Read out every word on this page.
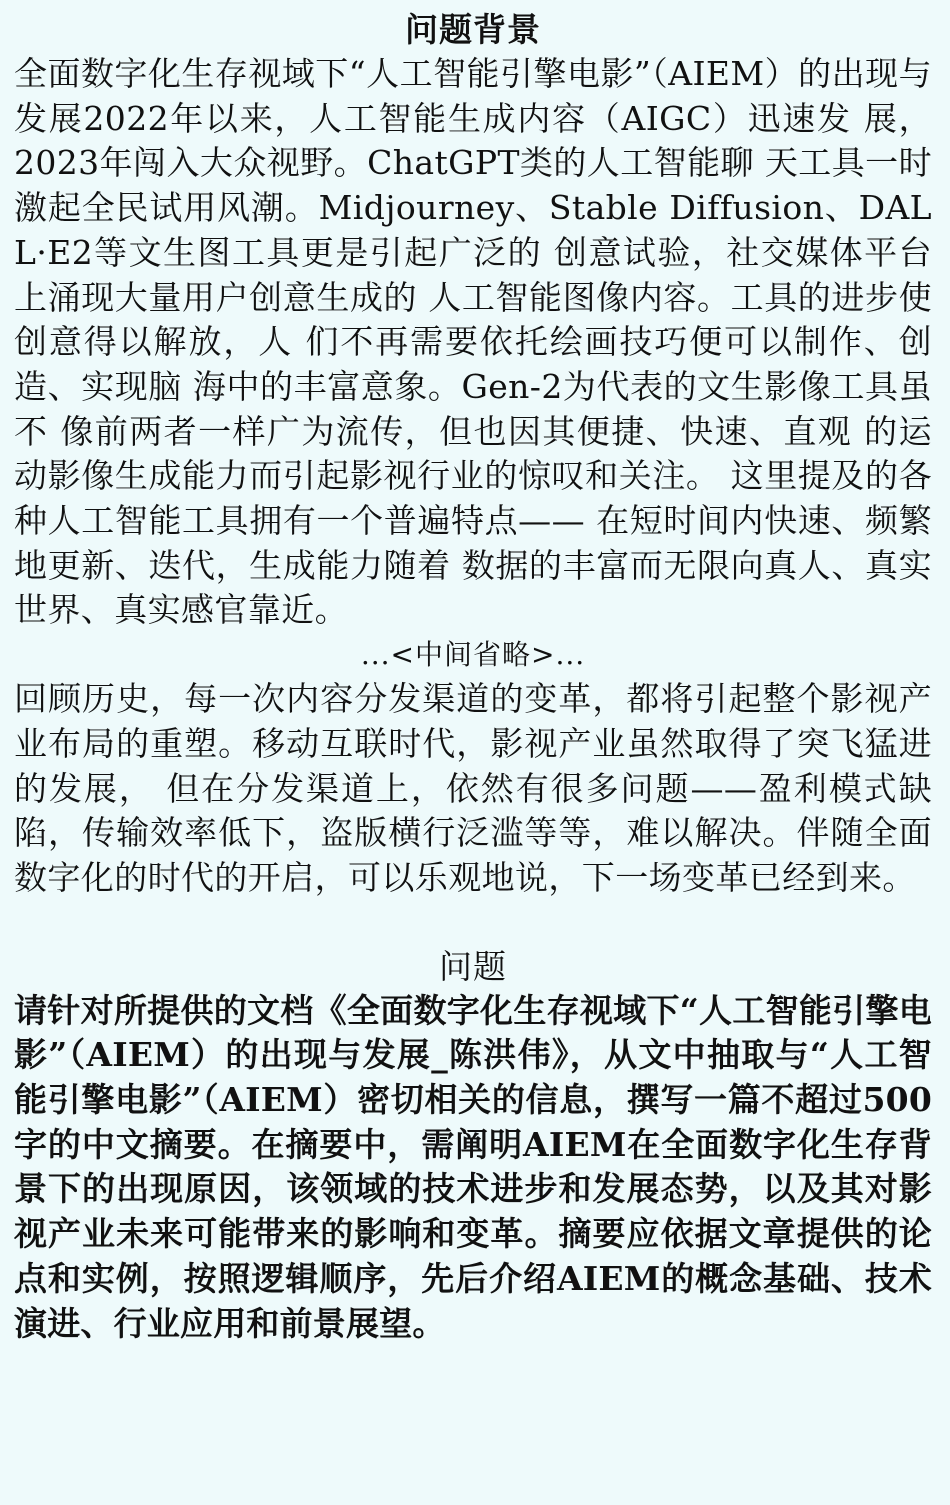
问题背景

全面数字化生存视域下“人工智能引擎电影”（AIEM）的出现与发展2022年以来，人工智能生成内容（AIGC）迅速发 展， 2023年闯入大众视野。ChatGPT类的人工智能聊 天工具一时激起全民试用风潮。Midjourney、Stable Diffusion、DALL·E2等文生图工具更是引起广泛的 创意试验，社交媒体平台上涌现大量用户创意生成的 人工智能图像内容。工具的进步使创意得以解放，人 们不再需要依托绘画技巧便可以制作、创造、实现脑 海中的丰富意象。Gen-2为代表的文生影像工具虽不 像前两者一样广为流传，但也因其便捷、快速、直观 的运动影像生成能力而引起影视行业的惊叹和关注。 这里提及的各种人工智能工具拥有一个普遍特点—— 在短时间内快速、频繁地更新、迭代，生成能力随着 数据的丰富而无限向真人、真实世界、真实感官靠近。

...<中间省略>...

回顾历史，每一次内容分发渠道的变革，都将引起整个影视产业布局的重塑。移动互联时代，影视产业虽然取得了突飞猛进的发展， 但在分发渠道上，依然有很多问题——盈利模式缺陷，传输效率低下，盗版横行泛滥等等，难以解决。伴随全面数字化的时代的开启，可以乐观地说，下一场变革已经到来。

问题

请针对所提供的文档《全面数字化生存视域下“人工智能引擎电影”（AIEM）的出现与发展_陈洪伟》，从文中抽取与“人工智能引擎电影”（AIEM）密切相关的信息，撰写一篇不超过500字的中文摘要。在摘要中，需阐明AIEM在全面数字化生存背景下的出现原因，该领域的技术进步和发展态势，以及其对影视产业未来可能带来的影响和变革。摘要应依据文章提供的论点和实例，按照逻辑顺序，先后介绍AIEM的概念基础、技术演进、行业应用和前景展望。
